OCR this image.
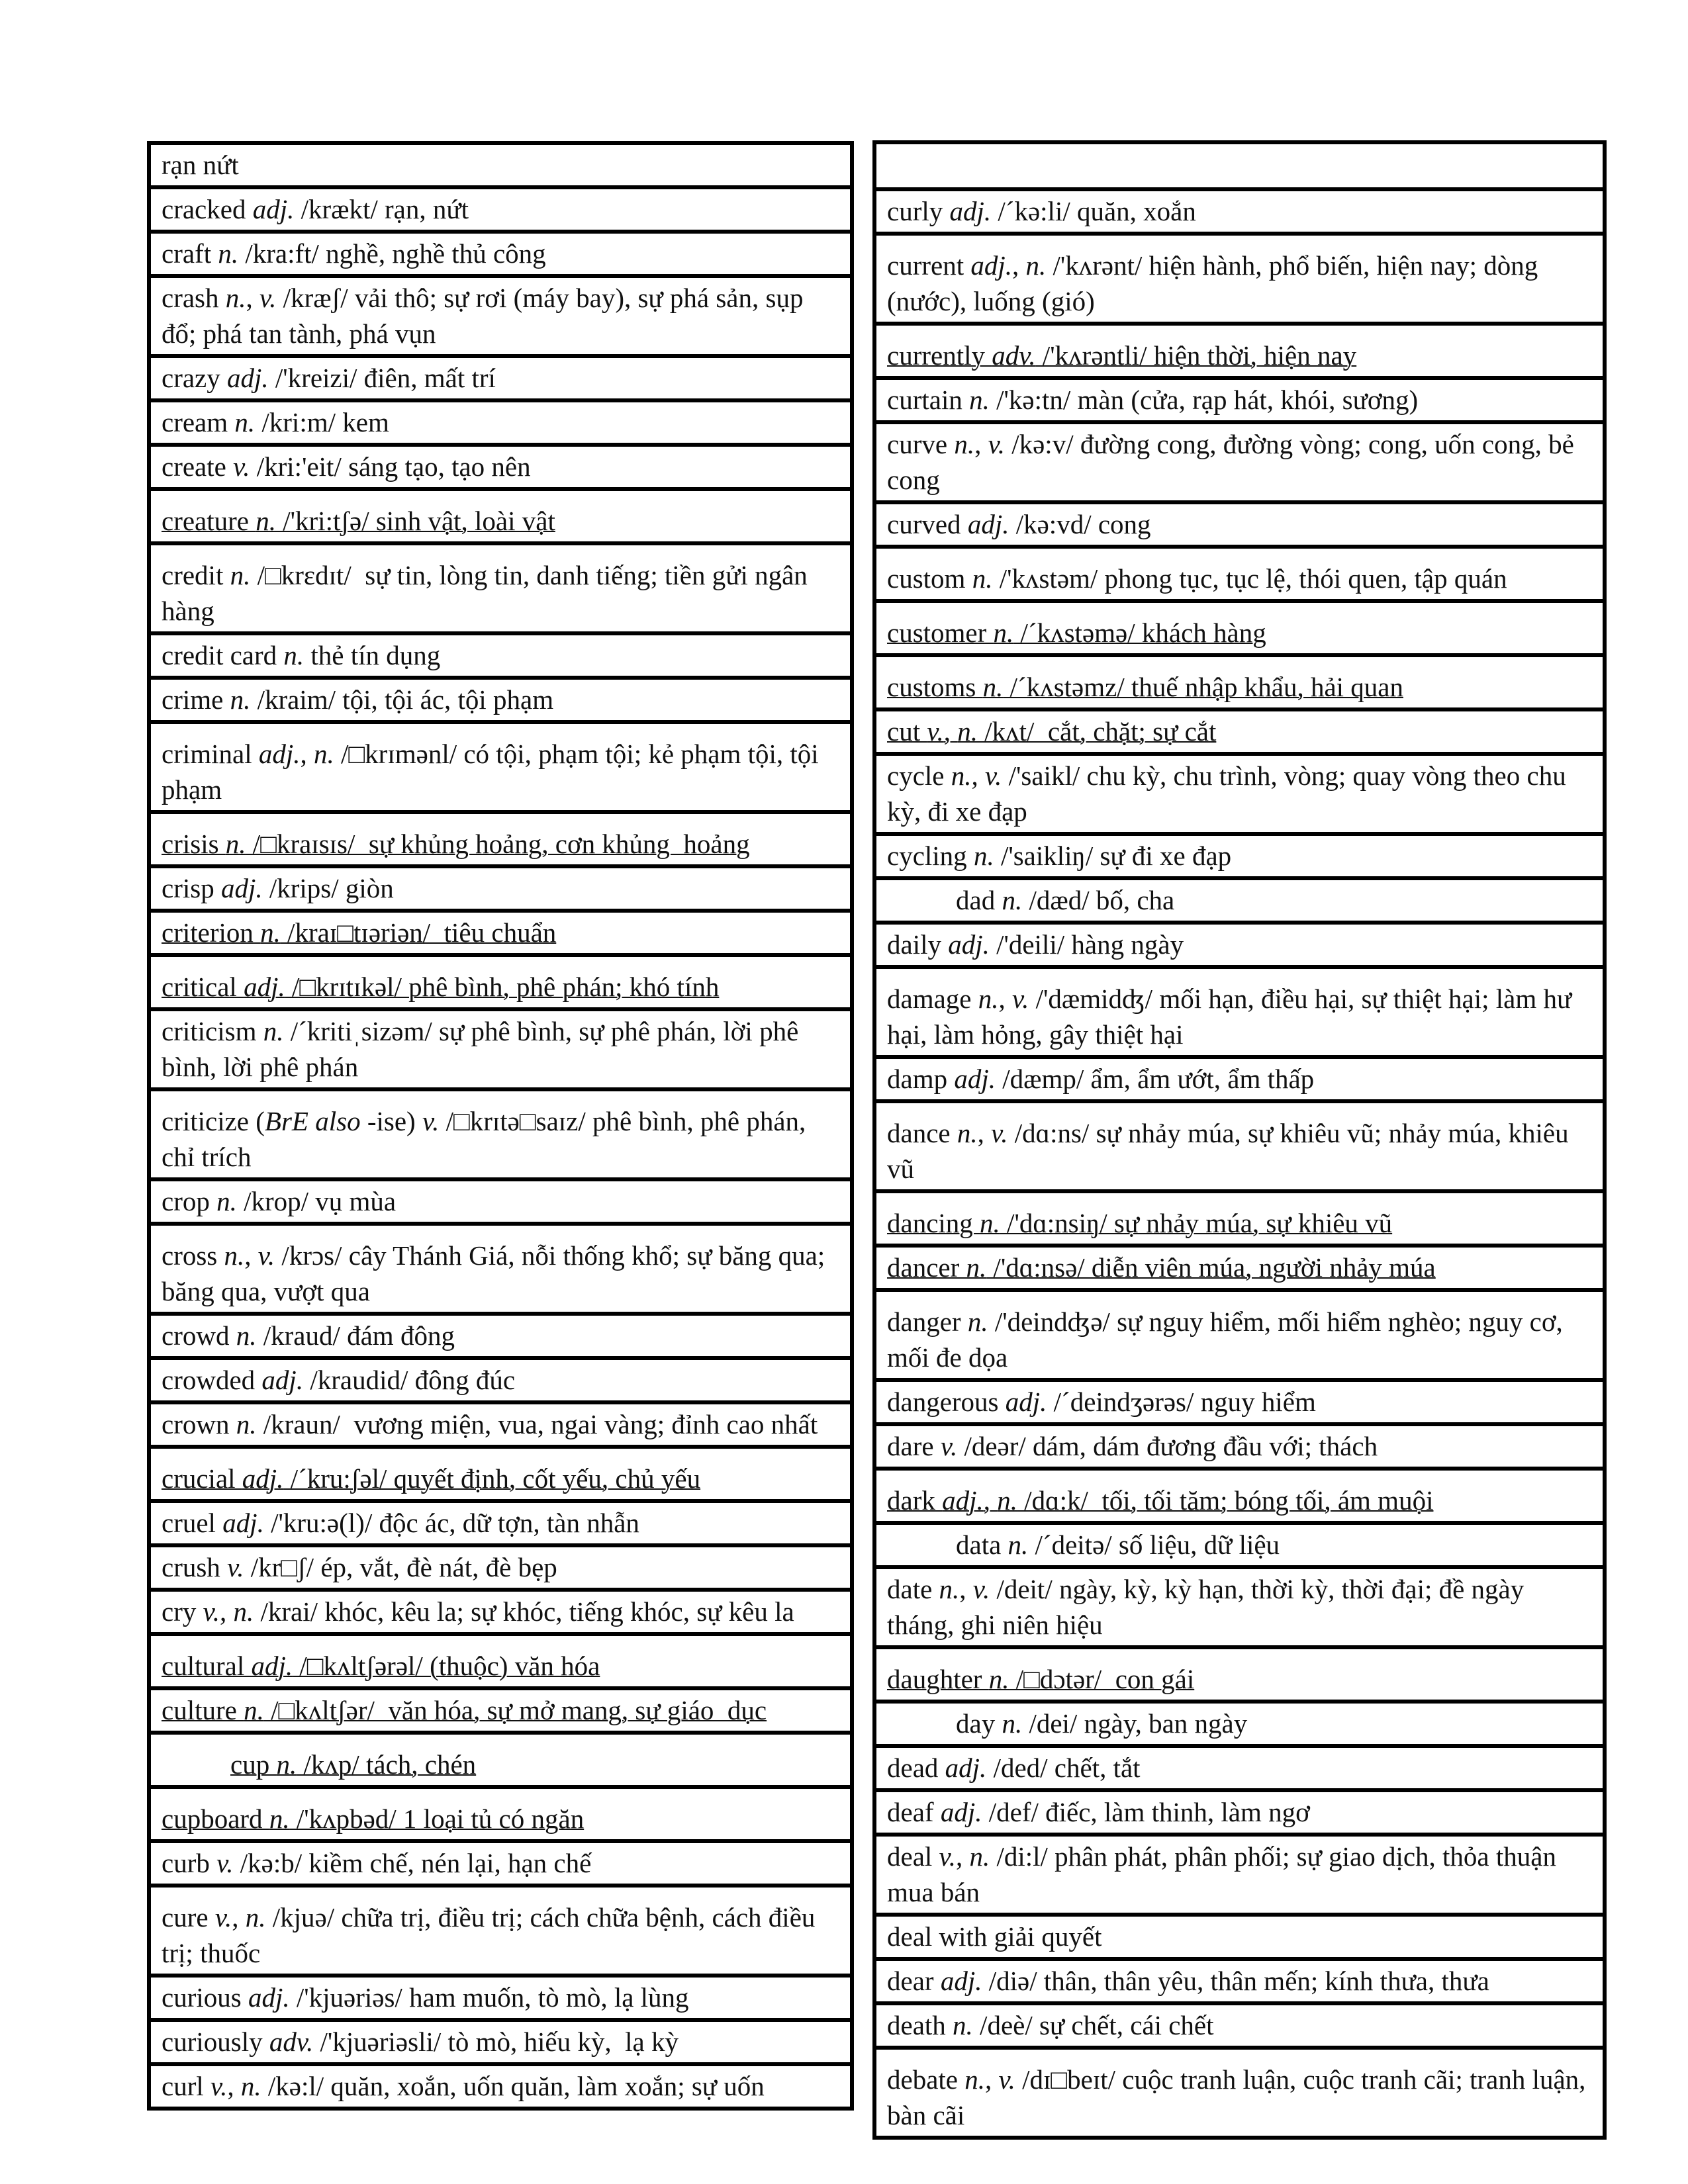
rạn nứt
cracked adj. /krækt/ rạn, nứt
craft n. /kra:ft/ nghề, nghề thủ công
crash n., v. /kræʃ/ vải thô; sự rơi (máy bay), sự phá sản, sụp đổ; phá tan tành, phá vụn
crazy adj. /'kreizi/ điên, mất trí
cream n. /kri:m/ kem
create v. /kri:'eit/ sáng tạo, tạo nên
creature n. /'kri:tʃə/ sinh vật, loài vật
credit n. /□krɛdɪt/  sự tin, lòng tin, danh tiếng; tiền gửi ngân hàng
credit card n. thẻ tín dụng
crime n. /kraim/ tội, tội ác, tội phạm
criminal adj., n. /□krɪmənl/ có tội, phạm tội; kẻ phạm tội, tội phạm
crisis n. /□kraɪsɪs/  sự khủng hoảng, cơn khủng  hoảng
crisp adj. /krips/ giòn
criterion n. /kraɪ□tɪəriən/  tiêu chuẩn
critical adj. /□krɪtɪkəl/ phê bình, phê phán; khó tính
criticism n. /´kritiˌsizəm/ sự phê bình, sự phê phán, lời phê bình, lời phê phán
criticize (BrE also -ise) v. /□krɪtə□saɪz/ phê bình, phê phán, chỉ trích
crop n. /krop/ vụ mùa
cross n., v. /krɔs/ cây Thánh Giá, nỗi thống khổ; sự băng qua; băng qua, vượt qua
crowd n. /kraud/ đám đông
crowded adj. /kraudid/ đông đúc
crown n. /kraun/  vương miện, vua, ngai vàng; đỉnh cao nhất
crucial adj. /´kru:ʃəl/ quyết định, cốt yếu, chủ yếu
cruel adj. /'kru:ə(l)/ độc ác, dữ tợn, tàn nhẫn
crush v. /kr□ʃ/ ép, vắt, đè nát, đè bẹp
cry v., n. /krai/ khóc, kêu la; sự khóc, tiếng khóc, sự kêu la
cultural adj. /□kʌltʃərəl/ (thuộc) văn hóa
culture n. /□kʌltʃər/  văn hóa, sự mở mang, sự giáo  dục
cup n. /kʌp/ tách, chén
cupboard n. /'kʌpbəd/ 1 loại tủ có ngăn
curb v. /kə:b/ kiềm chế, nén lại, hạn chế
cure v., n. /kjuə/ chữa trị, điều trị; cách chữa bệnh, cách điều trị; thuốc
curious adj. /'kjuəriəs/ ham muốn, tò mò, lạ lùng
curiously adv. /'kjuəriəsli/ tò mò, hiếu kỳ,  lạ kỳ
curl v., n. /kə:l/ quăn, xoắn, uốn quăn, làm xoắn; sự uốn

curly adj. /´kə:li/ quăn, xoắn
current adj., n. /'kʌrənt/ hiện hành, phổ biến, hiện nay; dòng (nước), luống (gió)
currently adv. /'kʌrəntli/ hiện thời, hiện nay
curtain n. /'kə:tn/ màn (cửa, rạp hát, khói, sương)
curve n., v. /kə:v/ đường cong, đường vòng; cong, uốn cong, bẻ cong
curved adj. /kə:vd/ cong
custom n. /'kʌstəm/ phong tục, tục lệ, thói quen, tập quán
customer n. /´kʌstəmə/ khách hàng
customs n. /´kʌstəmz/ thuế nhập khẩu, hải quan
cut v., n. /kʌt/  cắt, chặt; sự cắt
cycle n., v. /'saikl/ chu kỳ, chu trình, vòng; quay vòng theo chu kỳ, đi xe đạp
cycling n. /'saikliŋ/ sự đi xe đạp
dad n. /dæd/ bố, cha
daily adj. /'deili/ hàng ngày
damage n., v. /'dæmidʤ/ mối hạn, điều hại, sự thiệt hại; làm hư hại, làm hỏng, gây thiệt hại
damp adj. /dæmp/ ẩm, ẩm ướt, ẩm thấp
dance n., v. /dɑ:ns/ sự nhảy múa, sự khiêu vũ; nhảy múa, khiêu vũ
dancing n. /'dɑ:nsiŋ/ sự nhảy múa, sự khiêu vũ
dancer n. /'dɑ:nsə/ diễn viên múa, người nhảy múa
danger n. /'deindʤə/ sự nguy hiểm, mối hiểm nghèo; nguy cơ, mối đe dọa
dangerous adj. /´deindʒərəs/ nguy hiểm
dare v. /deər/ dám, dám đương đầu với; thách
dark adj., n. /dɑ:k/  tối, tối tăm; bóng tối, ám muội
data n. /´deitə/ số liệu, dữ liệu
date n., v. /deit/ ngày, kỳ, kỳ hạn, thời kỳ, thời đại; đề ngày tháng, ghi niên hiệu
daughter n. /□dɔtər/  con gái
day n. /dei/ ngày, ban ngày
dead adj. /ded/ chết, tắt
deaf adj. /def/ điếc, làm thinh, làm ngơ
deal v., n. /di:l/ phân phát, phân phối; sự giao dịch, thỏa thuận mua bán
deal with giải quyết
dear adj. /diə/ thân, thân yêu, thân mến; kính thưa, thưa
death n. /deè/ sự chết, cái chết
debate n., v. /dɪ□beɪt/ cuộc tranh luận, cuộc tranh cãi; tranh luận, bàn cãi
